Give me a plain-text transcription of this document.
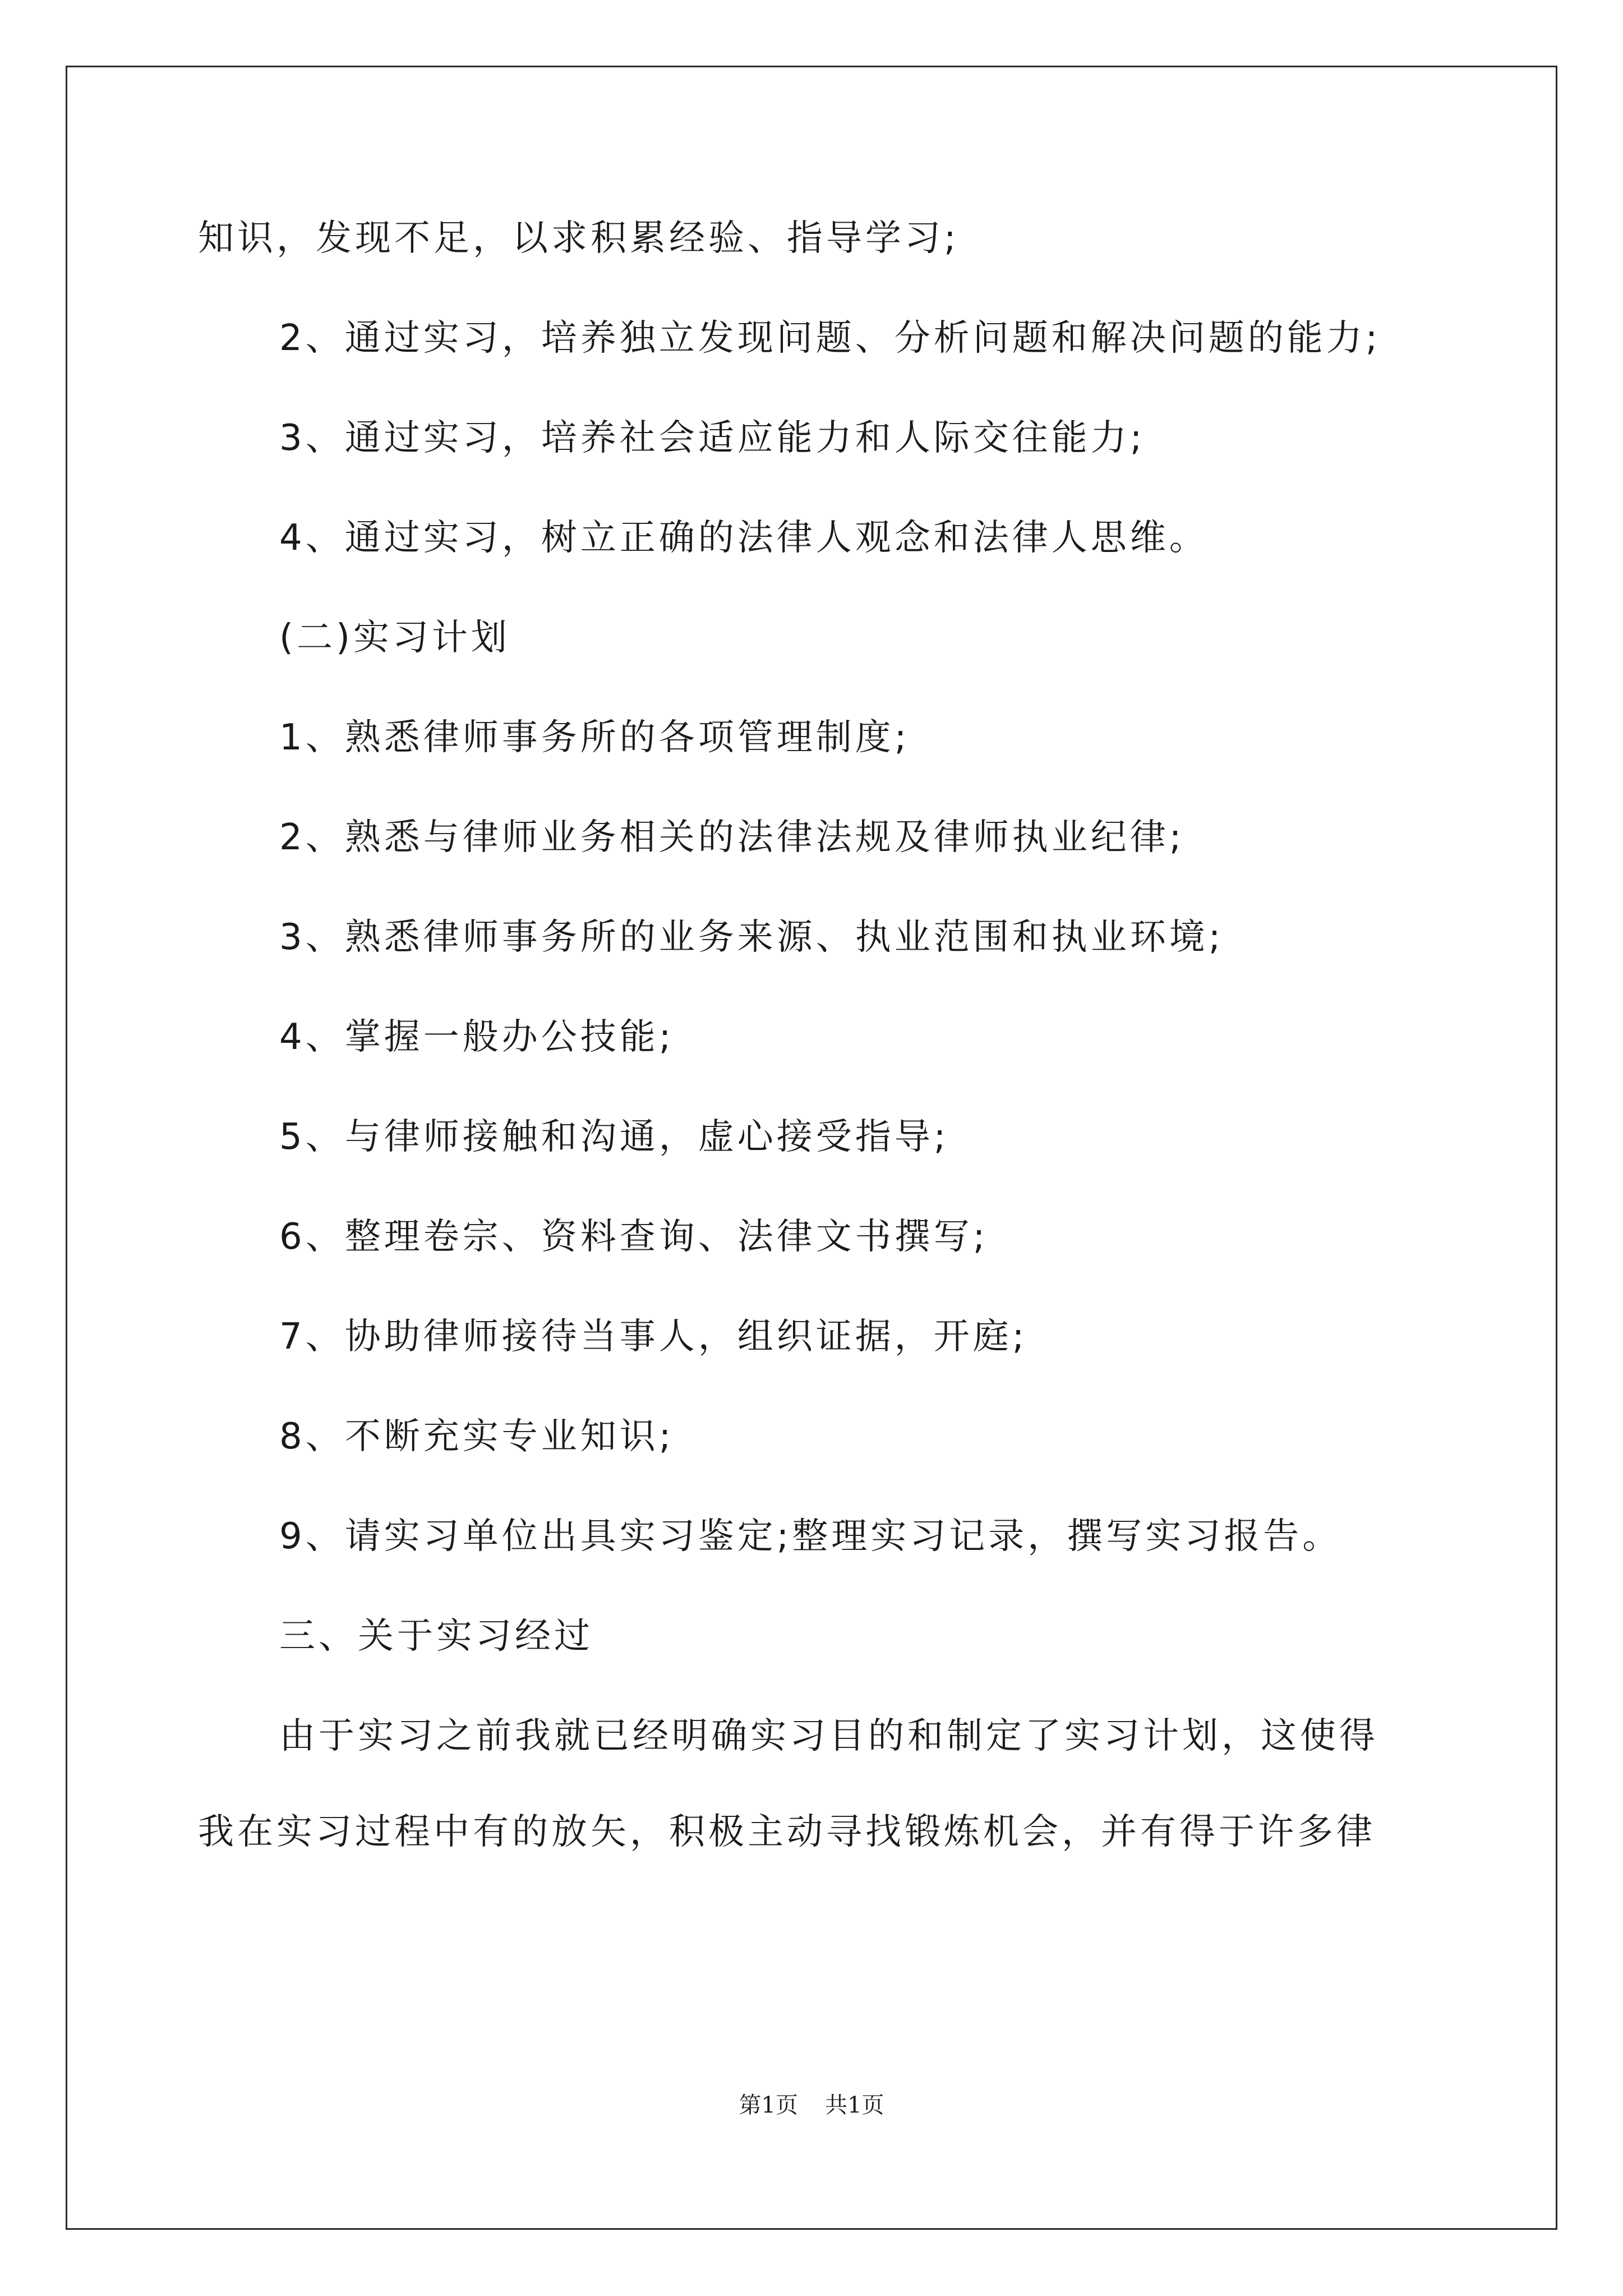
知识，发现不足，以求积累经验、指导学习;

2、通过实习，培养独立发现问题、分析问题和解决问题的能力;

3、通过实习，培养社会适应能力和人际交往能力;

4、通过实习，树立正确的法律人观念和法律人思维。

(二)实习计划

1、熟悉律师事务所的各项管理制度;

2、熟悉与律师业务相关的法律法规及律师执业纪律;

3、熟悉律师事务所的业务来源、执业范围和执业环境;

4、掌握一般办公技能;

5、与律师接触和沟通，虚心接受指导;

6、整理卷宗、资料查询、法律文书撰写;

7、协助律师接待当事人，组织证据，开庭;

8、不断充实专业知识;

9、请实习单位出具实习鉴定;整理实习记录，撰写实习报告。

三、关于实习经过

由于实习之前我就已经明确实习目的和制定了实习计划，这使得

我在实习过程中有的放矢，积极主动寻找锻炼机会，并有得于许多律

第1页 共1页
